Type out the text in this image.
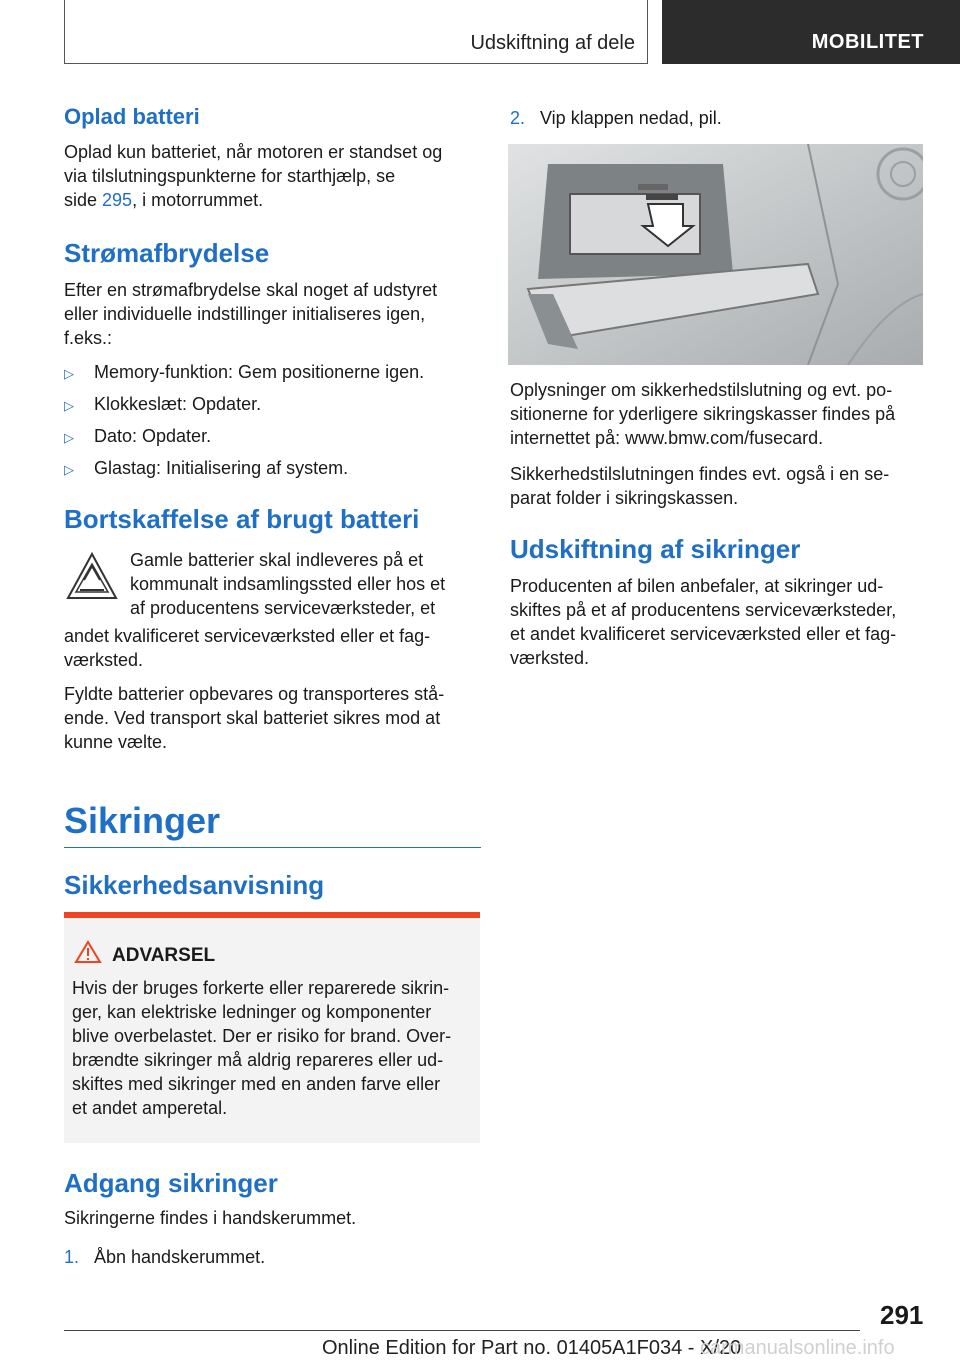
Udskiftning af dele	MOBILITET
Oplad batteri
Oplad kun batteriet, når motoren er standset og
via tilslutningspunkterne for starthjælp, se
side 295, i motorrummet.
Strømafbrydelse
Efter en strømafbrydelse skal noget af udstyret
eller individuelle indstillinger initialiseres igen,
f.eks.:
▷ Memory-funktion: Gem positionerne igen.
▷ Klokkeslæt: Opdater.
▷ Dato: Opdater.
▷ Glastag: Initialisering af system.
Bortskaffelse af brugt batteri
Gamle batterier skal indleveres på et
kommunalt indsamlingssted eller hos et
af producentens serviceværksteder, et
andet kvalificeret serviceværksted eller et fag-
værksted.
Fyldte batterier opbevares og transporteres stå-
ende. Ved transport skal batteriet sikres mod at
kunne vælte.
Sikringer
Sikkerhedsanvisning
ADVARSEL
Hvis der bruges forkerte eller reparerede sikrin-
ger, kan elektriske ledninger og komponenter
blive overbelastet. Der er risiko for brand. Over-
brændte sikringer må aldrig repareres eller ud-
skiftes med sikringer med en anden farve eller
et andet amperetal.
Adgang sikringer
Sikringerne findes i handskerummet.
1. Åbn handskerummet.
2. Vip klappen nedad, pil.
Oplysninger om sikkerhedstilslutning og evt. po-
sitionerne for yderligere sikringskasser findes på
internettet på: www.bmw.com/fusecard.
Sikkerhedstilslutningen findes evt. også i en se-
parat folder i sikringskassen.
Udskiftning af sikringer
Producenten af bilen anbefaler, at sikringer ud-
skiftes på et af producentens serviceværksteder,
et andet kvalificeret serviceværksted eller et fag-
værksted.
291
Online Edition for Part no. 01405A1F034 - X/20
carmanualsonline.info
